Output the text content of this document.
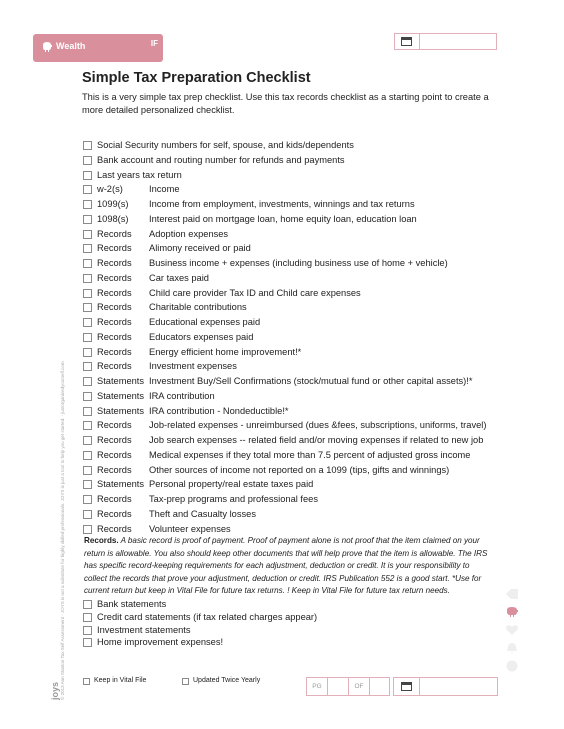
Wealth	IF
Simple Tax Preparation Checklist

This is a very simple tax prep checklist. Use this tax records checklist as a starting point to create a more detailed personalized checklist.

Social Security numbers for self, spouse, and kids/dependents
Bank account and routing number for refunds and payments
Last years tax return
w-2(s)	Income
1099(s) Income from employment, investments, winnings and tax returns
1098(s) Interest paid on mortgage loan, home equity loan, education loan
Records Adoption expenses
Records Alimony received or paid
Records Business income + expenses (including business use of home + vehicle)
Records Car taxes paid
Records Child care provider Tax ID and Child care expenses
Records Charitable contributions
Records Educational expenses paid
Records Educators expenses paid
Records Energy efficient home improvement!*
Records Investment expenses
Statements Investment Buy/Sell Confirmations (stock/mutual fund or other capital assets)!*
Statements IRA contribution
Statements IRA contribution - Nondeductible!*
Records Job-related expenses - unreimbursed (dues &fees, subscriptions, uniforms, travel)
Records Job search expenses -- related field and/or moving expenses if related to new job
Records Medical expenses if they total more than 7.5 percent of adjusted gross income
Records Other sources of income not reported on a 1099 (tips, gifts and winnings)
Statements Personal property/real estate taxes paid
Records Tax-prep programs and professional fees
Records Theft and Casualty losses
Records Volunteer expenses

Records. A basic record is proof of payment. Proof of payment alone is not proof that the item claimed on your return is allowable. You also should keep other documents that will help prove that the item is allowable. The IRS has specific record-keeping requirements for each adjustment, deduction or credit. It is your responsibility to collect the records that prove your adjustment, deduction or credit. IRS Publication 552 is a good start. *Use for current return but keep in Vital File for future tax returns. ! Keep in Vital File for future tax return needs.

Bank statements
Credit card statements (if tax related charges appear)
Investment statements
Home improvement expenses!
Keep in Vital File	Updated Twice Yearly
PG	OF
joys © 2013 Ann Stanton Tax Self Assessment · JOYS is not a substitute for highly skilled professionals. JOYS is just a tool to help you get started. · justorganizedyourself.com
